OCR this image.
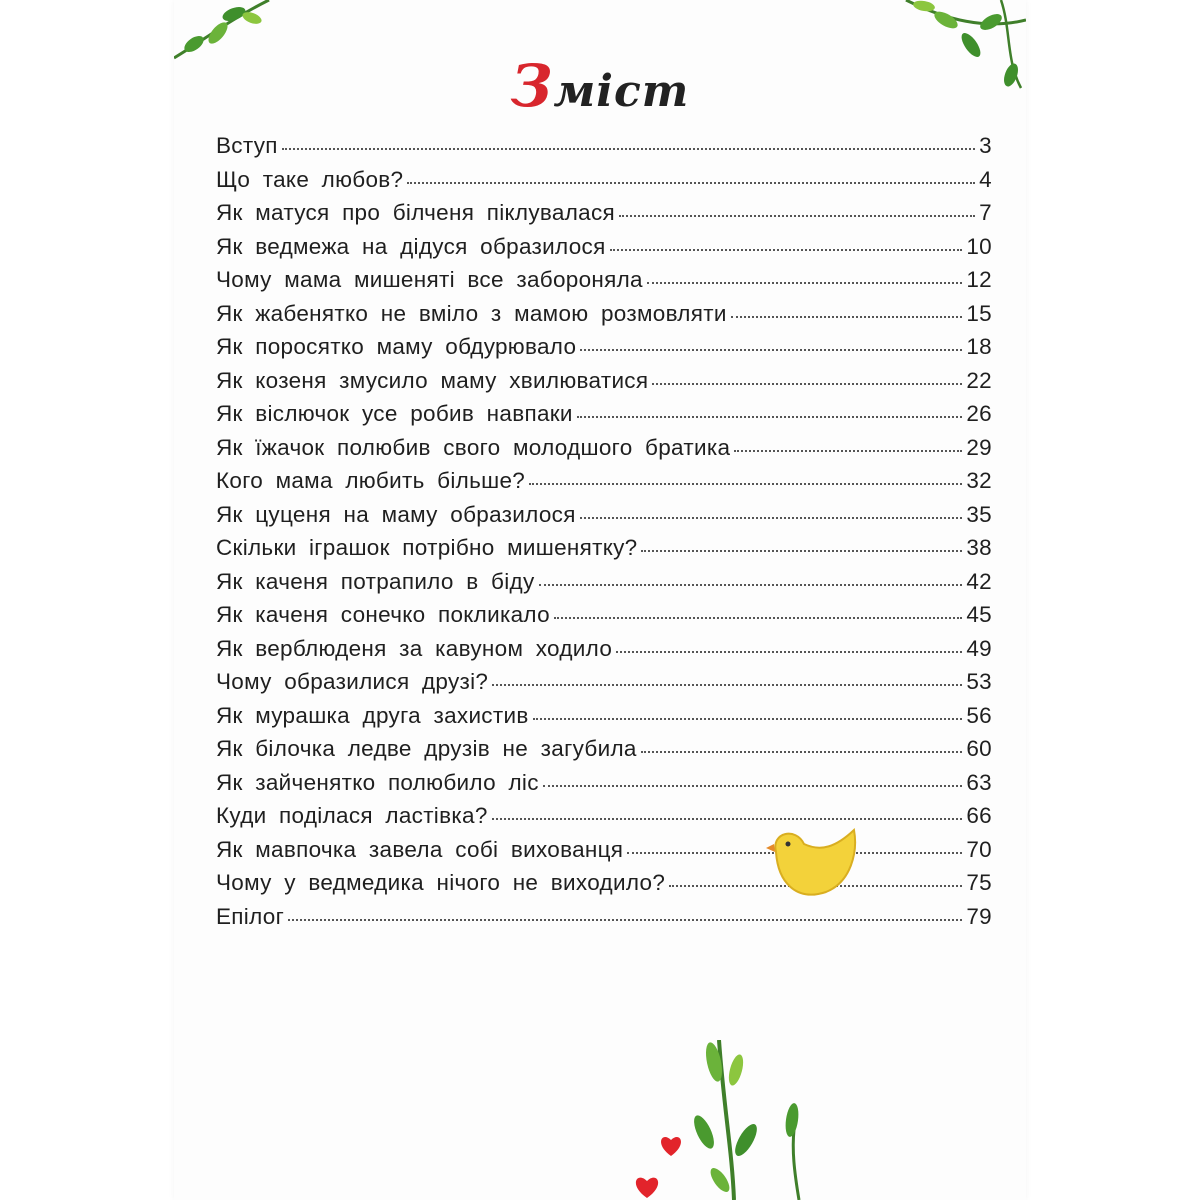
Зміст
Вступ	3
Що таке любов?	4
Як матуся про білченя піклувалася	7
Як ведмежа на дідуся образилося	10
Чому мама мишеняті все забороняла	12
Як жабенятко не вміло з мамою розмовляти	15
Як поросятко маму обдурювало	18
Як козеня змусило маму хвилюватися	22
Як віслючок усе робив навпаки	26
Як їжачок полюбив свого молодшого братика	29
Кого мама любить більше?	32
Як цуценя на маму образилося	35
Скільки іграшок потрібно мишенятку?	38
Як каченя потрапило в біду	42
Як каченя сонечко покликало	45
Як верблюденя за кавуном ходило	49
Чому образилися друзі?	53
Як мурашка друга захистив	56
Як білочка ледве друзів не загубила	60
Як зайченятко полюбило ліс	63
Куди поділася ластівка?	66
Як мавпочка завела собі вихованця	70
Чому у ведмедика нічого не виходило?	75
Епілог	79
